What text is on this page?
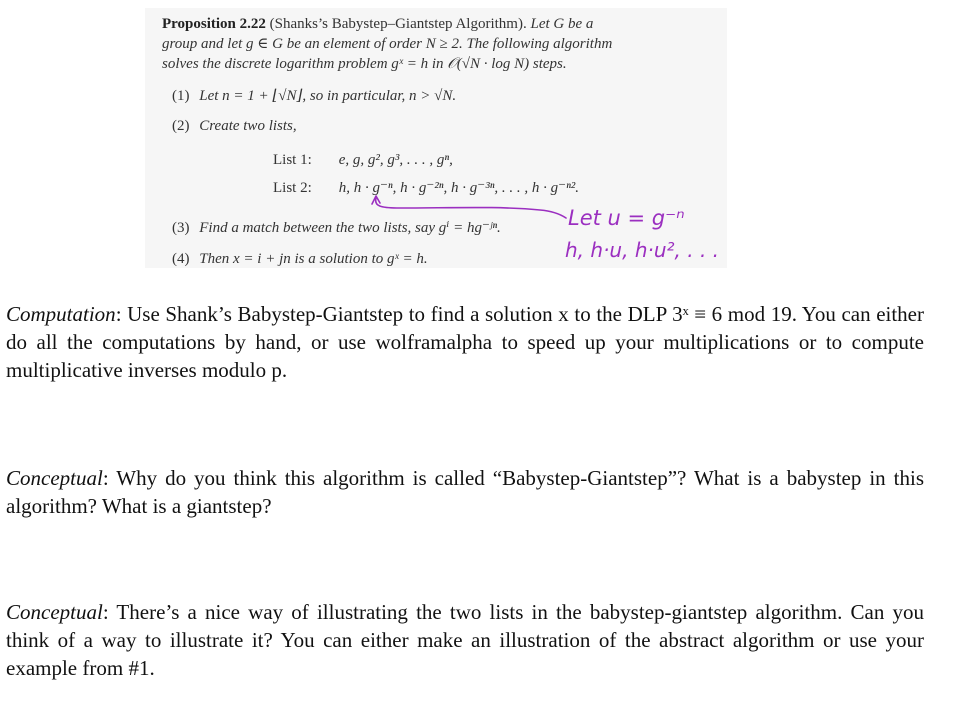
Proposition 2.22 (Shanks’s Babystep–Giantstep Algorithm). Let G be a
group and let g ∈ G be an element of order N ≥ 2. The following algorithm
solves the discrete logarithm problem gˣ = h in 𝒪(√N · log N) steps.
(1) Let n = 1 + ⌊√N⌋, so in particular, n > √N.
(2) Create two lists,
List 1: e, g, g², g³, . . . , gⁿ,
List 2: h, h · g⁻ⁿ, h · g⁻²ⁿ, h · g⁻³ⁿ, . . . , h · g⁻ⁿ².
(3) Find a match between the two lists, say gⁱ = hg⁻ʲⁿ.
(4) Then x = i + jn is a solution to gˣ = h.
Let u = g⁻ⁿ
h, h·u, h·u², . . .
Computation: Use Shank’s Babystep-Giantstep to find a solution x to the DLP 3ˣ ≡ 6 mod 19. You can either do all the computations by hand, or use wolframalpha to speed up your multiplications or to compute multiplicative inverses modulo p.
Conceptual: Why do you think this algorithm is called “Babystep-Giantstep”? What is a babystep in this algorithm? What is a giantstep?
Conceptual: There’s a nice way of illustrating the two lists in the babystep-giantstep algorithm. Can you think of a way to illustrate it? You can either make an illustration of the abstract algorithm or use your example from #1.
